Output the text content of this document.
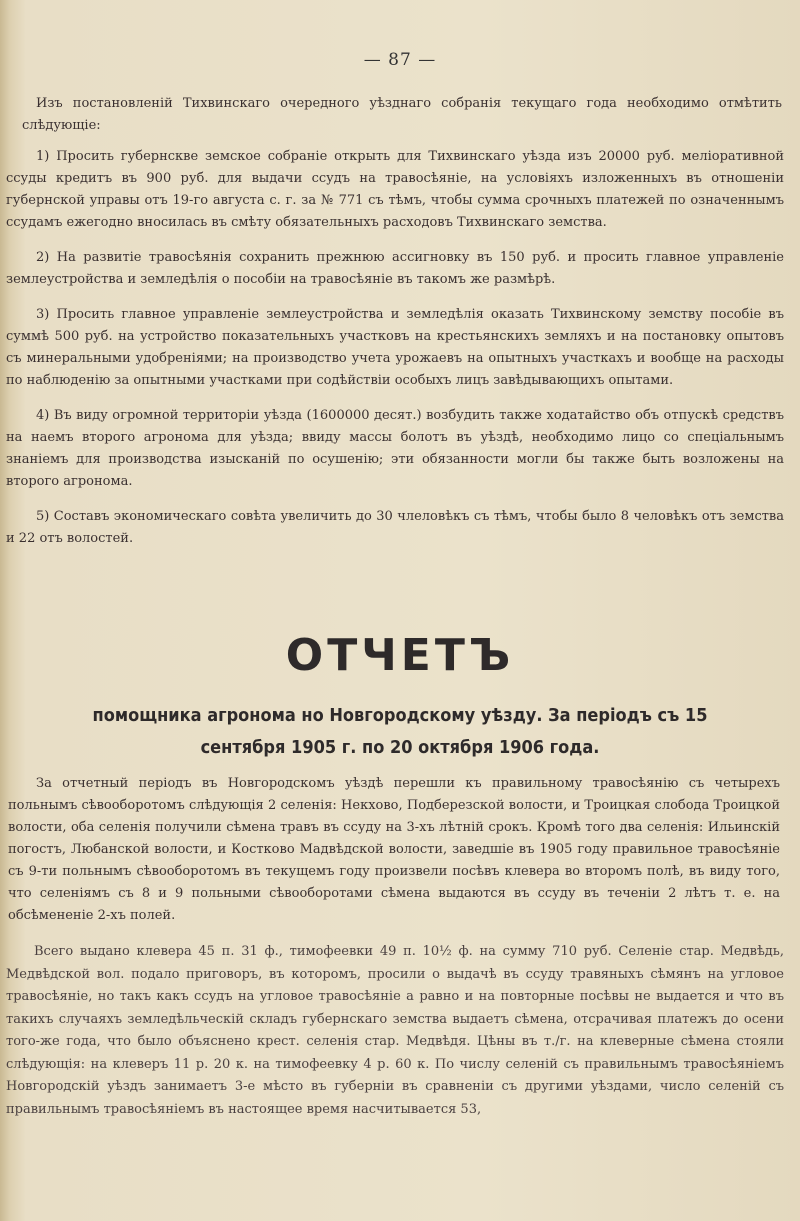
— 87 —
Изъ постановленій Тихвинскаго очередного уѣзднаго собранія текущаго года необходимо отмѣтить слѣдующіе:

1) Просить губернскве земское собраніе открыть для Тихвинскаго уѣзда изъ 20000 руб. меліоративной ссуды кредитъ въ 900 руб. для выдачи ссудъ на травосѣяніе, на условіяхъ изложенныхъ въ отношеніи губернской управы отъ 19-го августа с. г. за № 771 съ тѣмъ, чтобы сумма срочныхъ платежей по означеннымъ ссудамъ ежегодно вносилась въ смѣту обязательныхъ расходовъ Тихвинскаго земства.

2) На развитіе травосѣянія сохранить прежнюю ассигновку въ 150 руб. и просить главное управленіе землеустройства и земледѣлія о пособіи на травосѣяніе въ такомъ же размѣрѣ.

3) Просить главное управленіе землеустройства и земледѣлія оказать Тихвинскому земству пособіе въ суммѣ 500 руб. на устройство показательныхъ участковъ на крестьянскихъ земляхъ и на постановку опытовъ съ минеральными удобреніями; на производство учета урожаевъ на опытныхъ участкахъ и вообще на расходы по наблюденію за опытными участками при содѣйствіи особыхъ лицъ завѣдывающихъ опытами.

4) Въ виду огромной территоріи уѣзда (1600000 десят.) возбудить также ходатайство объ отпускѣ средствъ на наемъ второго агронома для уѣзда; ввиду массы болотъ въ уѣздѣ, необходимо лицо со спеціальнымъ знаніемъ для производства изысканій по осушенію; эти обязанности могли бы также быть возложены на второго агронома.

5) Составъ экономическаго совѣта увеличить до 30 члеловѣкъ съ тѣмъ, чтобы было 8 человѣкъ отъ земства и 22 отъ волостей.

ОТЧЕТЪ
помощника агронома но Новгородскому уѣзду. За періодъ съ 15 сентября 1905 г. по 20 октября 1906 года.
За отчетный періодъ въ Новгородскомъ уѣздѣ перешли къ правильному травосѣянію съ четырехъ польнымъ сѣвооборотомъ слѣдующія 2 селенія: Некхово, Подберезской волости, и Троицкая слобода Троицкой волости, оба селенія получили сѣмена травъ въ ссуду на 3-хъ лѣтній срокъ. Кромѣ того два селенія: Ильинскій погостъ, Любанской волости, и Костково Мадвѣдской волости, заведшіе въ 1905 году правильное травосѣяніе съ 9-ти польнымъ сѣвооборотомъ въ текущемъ году произвели посѣвъ клевера во второмъ полѣ, въ виду того, что селеніямъ съ 8 и 9 польными сѣвооборотами сѣмена выдаются въ ссуду въ теченіи 2 лѣтъ т. е. на обсѣмененіе 2-хъ полей.
Всего выдано клевера 45 п. 31 ф., тимофеевки 49 п. 10½ ф. на сумму 710 руб. Селеніе стар. Медвѣдь, Медвѣдской вол. подало приговоръ, въ которомъ, просили о выдачѣ въ ссуду травяныхъ сѣмянъ на угловое травосѣяніе, но такъ какъ ссудъ на угловое травосѣяніе а равно и на повторные посѣвы не выдается и что въ такихъ случаяхъ земледѣльческій складъ губернскаго земства выдаетъ сѣмена, отсрачивая платежъ до осени того-же года, что было объяснено крест. селенія стар. Медвѣдя. Цѣны въ т./г. на клеверные сѣмена стояли слѣдующія: на клеверъ 11 р. 20 к. на тимофеевку 4 р. 60 к. По числу селеній съ правильнымъ травосѣяніемъ Новгородскій уѣздъ занимаетъ 3-е мѣсто въ губерніи въ сравненіи съ другими уѣздами, число селеній съ правильнымъ травосѣяніемъ въ настоящее время насчитывается 53,
